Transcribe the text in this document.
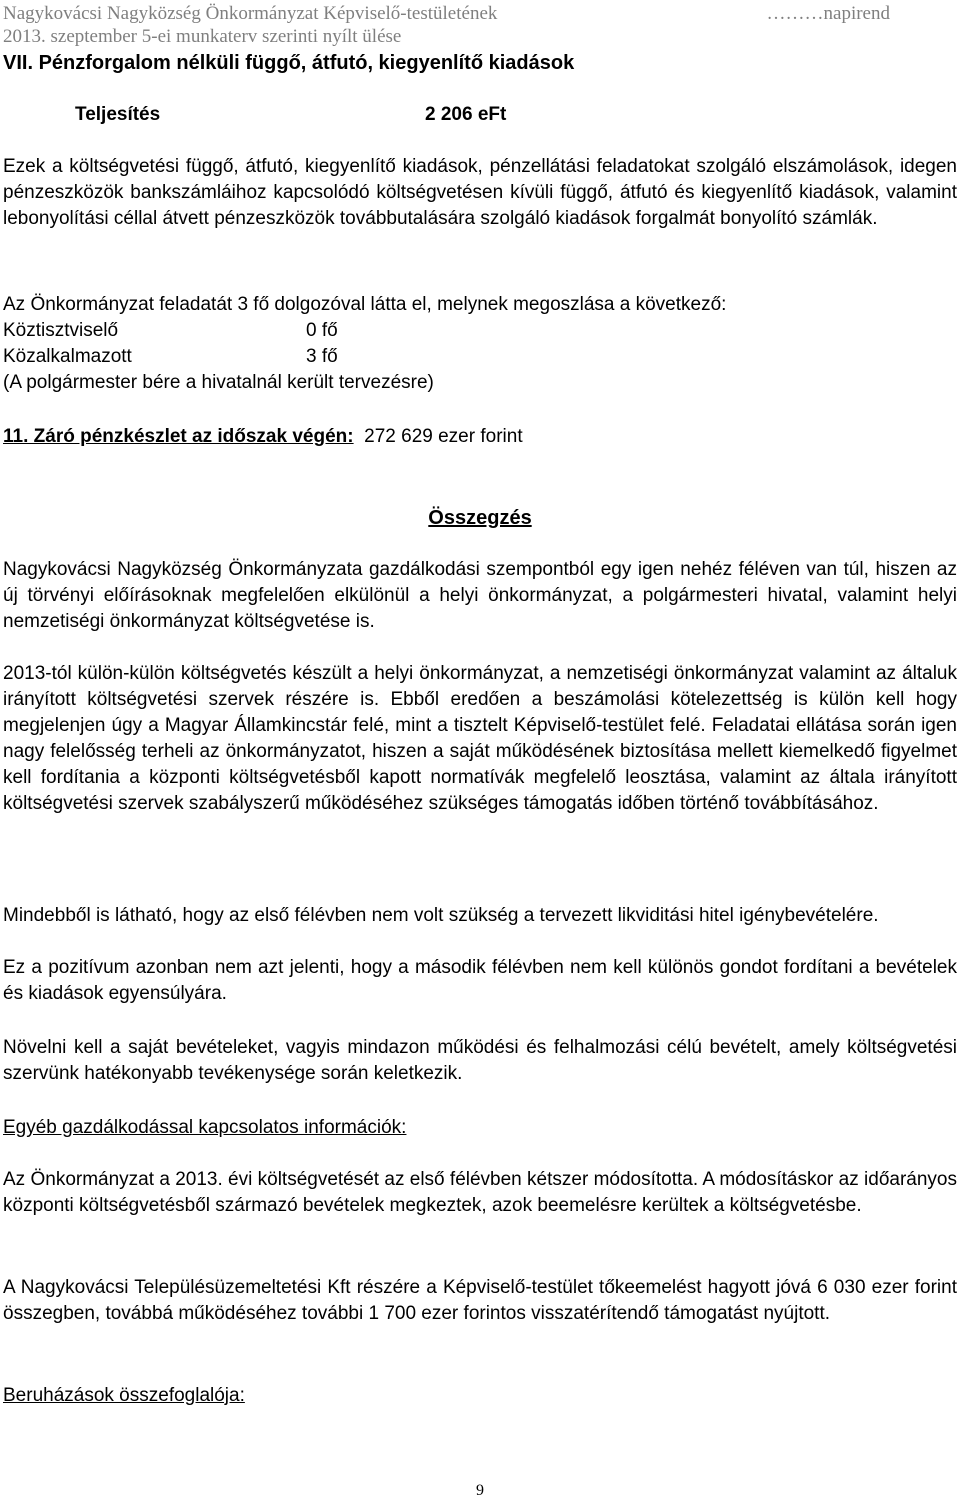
Nagykovácsi Nagyközség Önkormányzat Képviselő-testületének	………napirend
2013. szeptember 5-ei munkaterv szerinti nyílt ülése
VII. Pénzforgalom nélküli függő, átfutó, kiegyenlítő kiadások
Teljesítés	2 206 eFt

Ezek a költségvetési függő, átfutó, kiegyenlítő kiadások, pénzellátási feladatokat szolgáló elszámolások, idegen pénzeszközök bankszámláihoz kapcsolódó költségvetésen kívüli függő, átfutó és kiegyenlítő kiadások, valamint lebonyolítási céllal átvett pénzeszközök továbbutalására szolgáló kiadások forgalmát bonyolító számlák.

Az Önkormányzat feladatát 3 fő dolgozóval látta el, melynek megoszlása a következő:
Köztisztviselő	0 fő
Közalkalmazott	3 fő
(A polgármester bére a hivatalnál került tervezésre)
11. Záró pénzkészlet az időszak végén: 272 629 ezer forint
Összegzés

Nagykovácsi Nagyközség Önkormányzata gazdálkodási szempontból egy igen nehéz féléven van túl, hiszen az új törvényi előírásoknak megfelelően elkülönül a helyi önkormányzat, a polgármesteri hivatal, valamint helyi nemzetiségi önkormányzat költségvetése is.

2013-tól külön-külön költségvetés készült a helyi önkormányzat, a nemzetiségi önkormányzat valamint az általuk irányított költségvetési szervek részére is. Ebből eredően a beszámolási kötelezettség is külön kell hogy megjelenjen úgy a Magyar Államkincstár felé, mint a tisztelt Képviselő-testület felé. Feladatai ellátása során igen nagy felelősség terheli az önkormányzatot, hiszen a saját működésének biztosítása mellett kiemelkedő figyelmet kell fordítania a központi költségvetésből kapott normatívák megfelelő leosztása, valamint az általa irányított költségvetési szervek szabályszerű működéséhez szükséges támogatás időben történő továbbításához.

Mindebből is látható, hogy az első félévben nem volt szükség a tervezett likviditási hitel igénybevételére.

Ez a pozitívum azonban nem azt jelenti, hogy a második félévben nem kell különös gondot fordítani a bevételek és kiadások egyensúlyára.

Növelni kell a saját bevételeket, vagyis mindazon működési és felhalmozási célú bevételt, amely költségvetési szervünk hatékonyabb tevékenysége során keletkezik.

Egyéb gazdálkodással kapcsolatos információk:

Az Önkormányzat a 2013. évi költségvetését az első félévben kétszer módosította. A módosításkor az időarányos központi költségvetésből származó bevételek megkeztek, azok beemelésre kerültek a költségvetésbe.

A Nagykovácsi Településüzemeltetési Kft részére a Képviselő-testület tőkeemelést hagyott jóvá 6 030 ezer forint összegben, továbbá működéséhez további 1 700 ezer forintos visszatérítendő támogatást nyújtott.

Beruházások összefoglalója:
9
